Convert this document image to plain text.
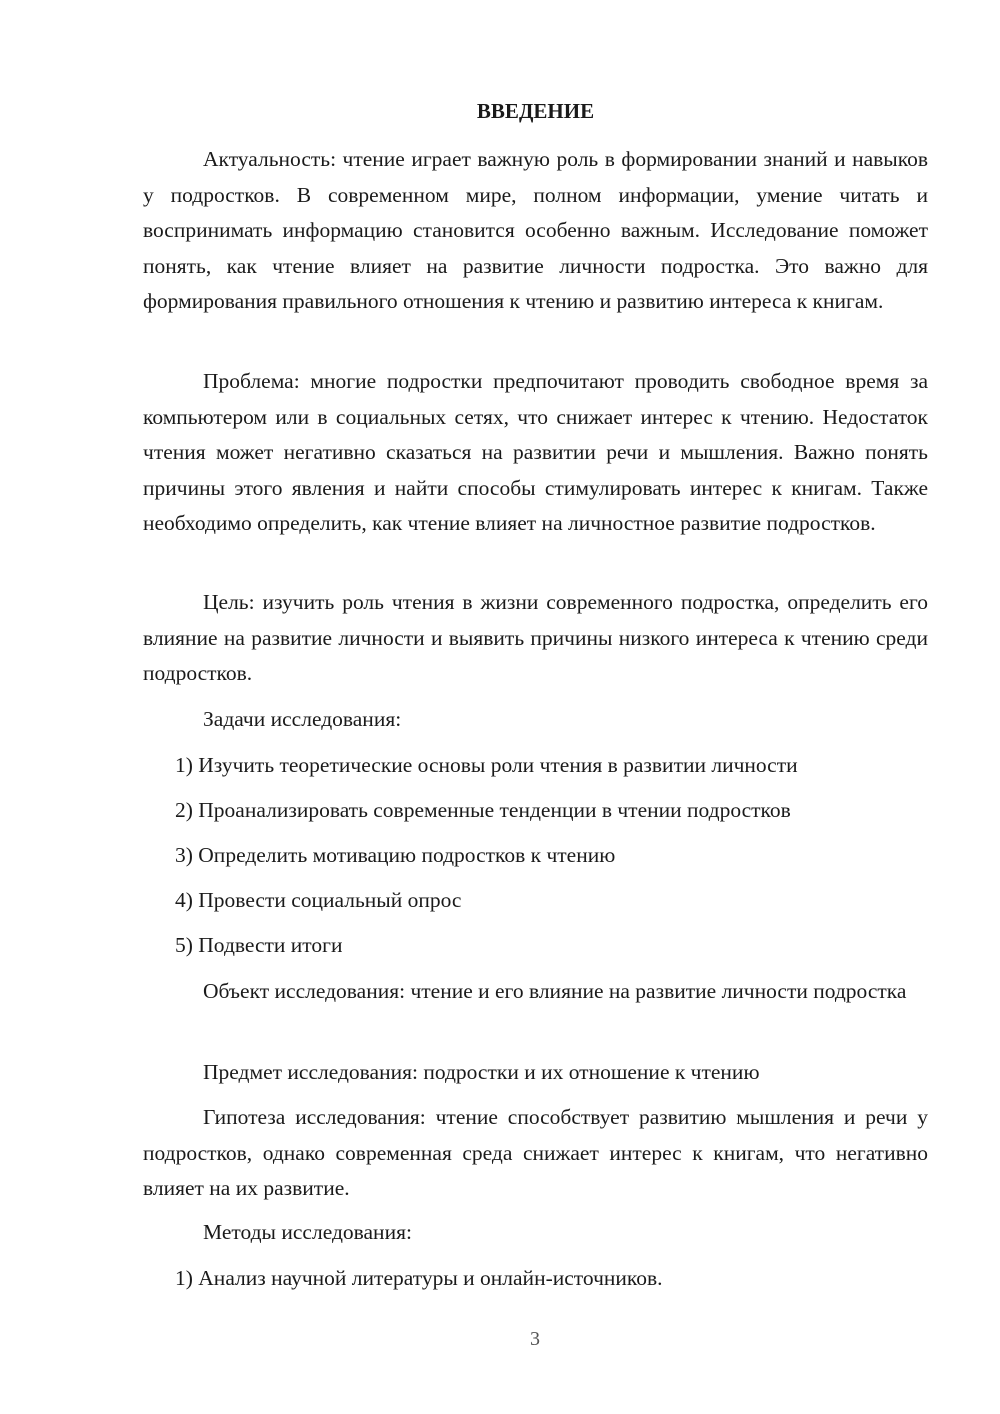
ВВЕДЕНИЕ

Актуальность: чтение играет важную роль в формировании знаний и навыков у подростков. В современном мире, полном информации, умение читать и воспринимать информацию становится особенно важным. Исследование поможет понять, как чтение влияет на развитие личности подростка. Это важно для формирования правильного отношения к чтению и развитию интереса к книгам.

Проблема: многие подростки предпочитают проводить свободное время за компьютером или в социальных сетях, что снижает интерес к чтению. Недостаток чтения может негативно сказаться на развитии речи и мышления. Важно понять причины этого явления и найти способы стимулировать интерес к книгам. Также необходимо определить, как чтение влияет на личностное развитие подростков.

Цель: изучить роль чтения в жизни современного подростка, определить его влияние на развитие личности и выявить причины низкого интереса к чтению среди подростков.

Задачи исследования:

1) Изучить теоретические основы роли чтения в развитии личности

2) Проанализировать современные тенденции в чтении подростков

3) Определить мотивацию подростков к чтению

4) Провести социальный опрос

5) Подвести итоги

Объект исследования: чтение и его влияние на развитие личности подростка

Предмет исследования: подростки и их отношение к чтению

Гипотеза исследования: чтение способствует развитию мышления и речи у подростков, однако современная среда снижает интерес к книгам, что негативно влияет на их развитие.

Методы исследования:

1) Анализ научной литературы и онлайн-источников.

3
